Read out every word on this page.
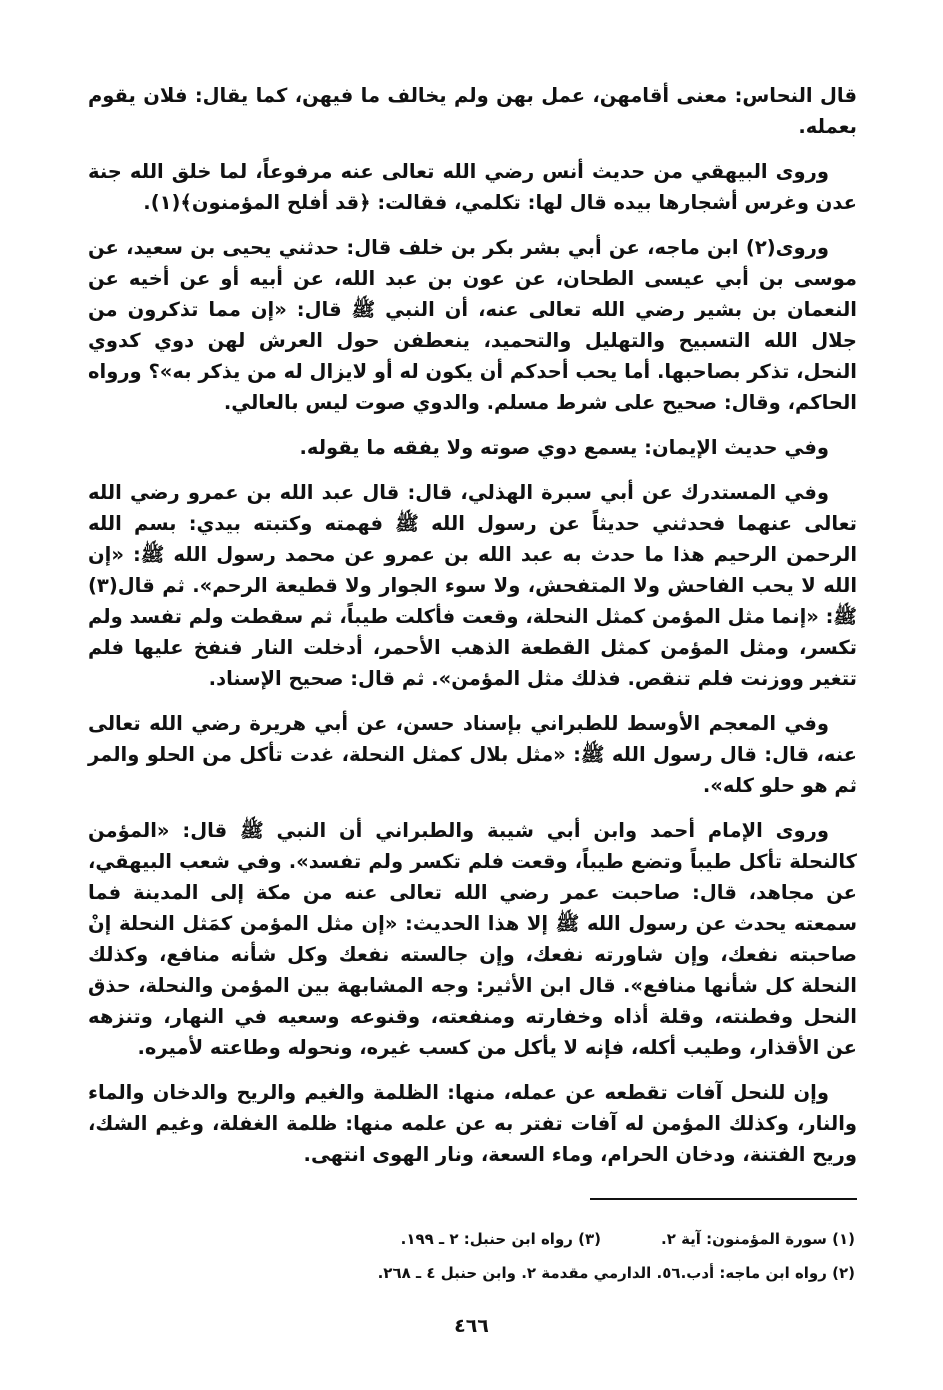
قال النحاس: معنى أقامهن، عمل بهن ولم يخالف ما فيهن، كما يقال: فلان يقوم بعمله.

وروى البيهقي من حديث أنس رضي الله تعالى عنه مرفوعاً، لما خلق الله جنة عدن وغرس أشجارها بيده قال لها: تكلمي، فقالت: ﴿قد أفلح المؤمنون﴾(١).

وروى(٢) ابن ماجه، عن أبي بشر بكر بن خلف قال: حدثني يحيى بن سعيد، عن موسى بن أبي عيسى الطحان، عن عون بن عبد الله، عن أبيه أو عن أخيه عن النعمان بن بشير رضي الله تعالى عنه، أن النبي ﷺ قال: «إن مما تذكرون من جلال الله التسبيح والتهليل والتحميد، ينعطفن حول العرش لهن دوي كدوي النحل، تذكر بصاحبها. أما يحب أحدكم أن يكون له أو لايزال له من يذكر به»؟ ورواه الحاكم، وقال: صحيح على شرط مسلم. والدوي صوت ليس بالعالي.

وفي حديث الإيمان: يسمع دوي صوته ولا يفقه ما يقوله.

وفي المستدرك عن أبي سبرة الهذلي، قال: قال عبد الله بن عمرو رضي الله تعالى عنهما فحدثني حديثاً عن رسول الله ﷺ فهمته وكتبته بيدي: بسم الله الرحمن الرحيم هذا ما حدث به عبد الله بن عمرو عن محمد رسول الله ﷺ: «إن الله لا يحب الفاحش ولا المتفحش، ولا سوء الجوار ولا قطيعة الرحم». ثم قال(٣) ﷺ: «إنما مثل المؤمن كمثل النحلة، وقعت فأكلت طيباً، ثم سقطت ولم تفسد ولم تكسر، ومثل المؤمن كمثل القطعة الذهب الأحمر، أدخلت النار فنفخ عليها فلم تتغير ووزنت فلم تنقص. فذلك مثل المؤمن». ثم قال: صحيح الإسناد.

وفي المعجم الأوسط للطبراني بإسناد حسن، عن أبي هريرة رضي الله تعالى عنه، قال: قال رسول الله ﷺ: «مثل بلال كمثل النحلة، غدت تأكل من الحلو والمر ثم هو حلو كله».

وروى الإمام أحمد وابن أبي شيبة والطبراني أن النبي ﷺ قال: «المؤمن كالنحلة تأكل طيباً وتضع طيباً، وقعت فلم تكسر ولم تفسد». وفي شعب البيهقي، عن مجاهد، قال: صاحبت عمر رضي الله تعالى عنه من مكة إلى المدينة فما سمعته يحدث عن رسول الله ﷺ إلا هذا الحديث: «إن مثل المؤمن كمَثل النحلة إنْ صاحبته نفعك، وإن شاورته نفعك، وإن جالسته نفعك وكل شأنه منافع، وكذلك النحلة كل شأنها منافع». قال ابن الأثير: وجه المشابهة بين المؤمن والنحلة، حذق النحل وفطنته، وقلة أذاه وخفارته ومنفعته، وقنوعه وسعيه في النهار، وتنزهه عن الأقذار، وطيب أكله، فإنه لا يأكل من كسب غيره، ونحوله وطاعته لأميره.

وإن للنحل آفات تقطعه عن عمله، منها: الظلمة والغيم والريح والدخان والماء والنار، وكذلك المؤمن له آفات تفتر به عن علمه منها: ظلمة الغفلة، وغيم الشك، وريح الفتنة، ودخان الحرام، وماء السعة، ونار الهوى انتهى.

(١) سورة المؤمنون: آية ٢.
(٣) رواه ابن حنبل: ٢ ـ ١٩٩.
(٢) رواه ابن ماجه: أدب.٥٦. الدارمي مقدمة ٢. وابن حنبل ٤ ـ ٢٦٨.
٤٦٦
